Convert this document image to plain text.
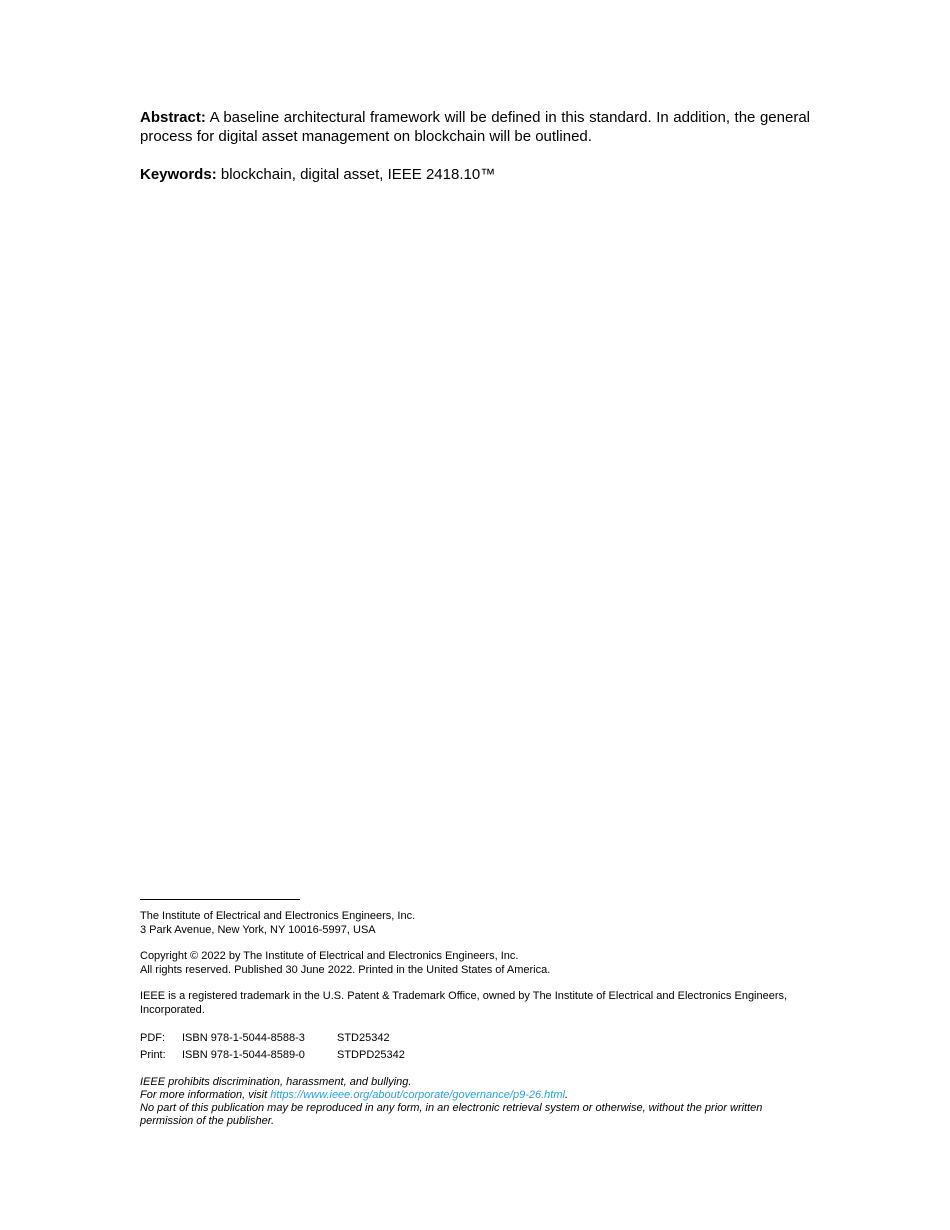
Abstract: A baseline architectural framework will be defined in this standard. In addition, the general process for digital asset management on blockchain will be outlined.

Keywords: blockchain, digital asset, IEEE 2418.10™

The Institute of Electrical and Electronics Engineers, Inc.
3 Park Avenue, New York, NY 10016-5997, USA
Copyright © 2022 by The Institute of Electrical and Electronics Engineers, Inc.
All rights reserved. Published 30 June 2022. Printed in the United States of America.
IEEE is a registered trademark in the U.S. Patent & Trademark Office, owned by The Institute of Electrical and Electronics Engineers, Incorporated.
PDF:	ISBN 978-1-5044-8588-3	STD25342
Print:	ISBN 978-1-5044-8589-0	STDPD25342
IEEE prohibits discrimination, harassment, and bullying.
For more information, visit https://www.ieee.org/about/corporate/governance/p9-26.html.
No part of this publication may be reproduced in any form, in an electronic retrieval system or otherwise, without the prior written permission of the publisher.
